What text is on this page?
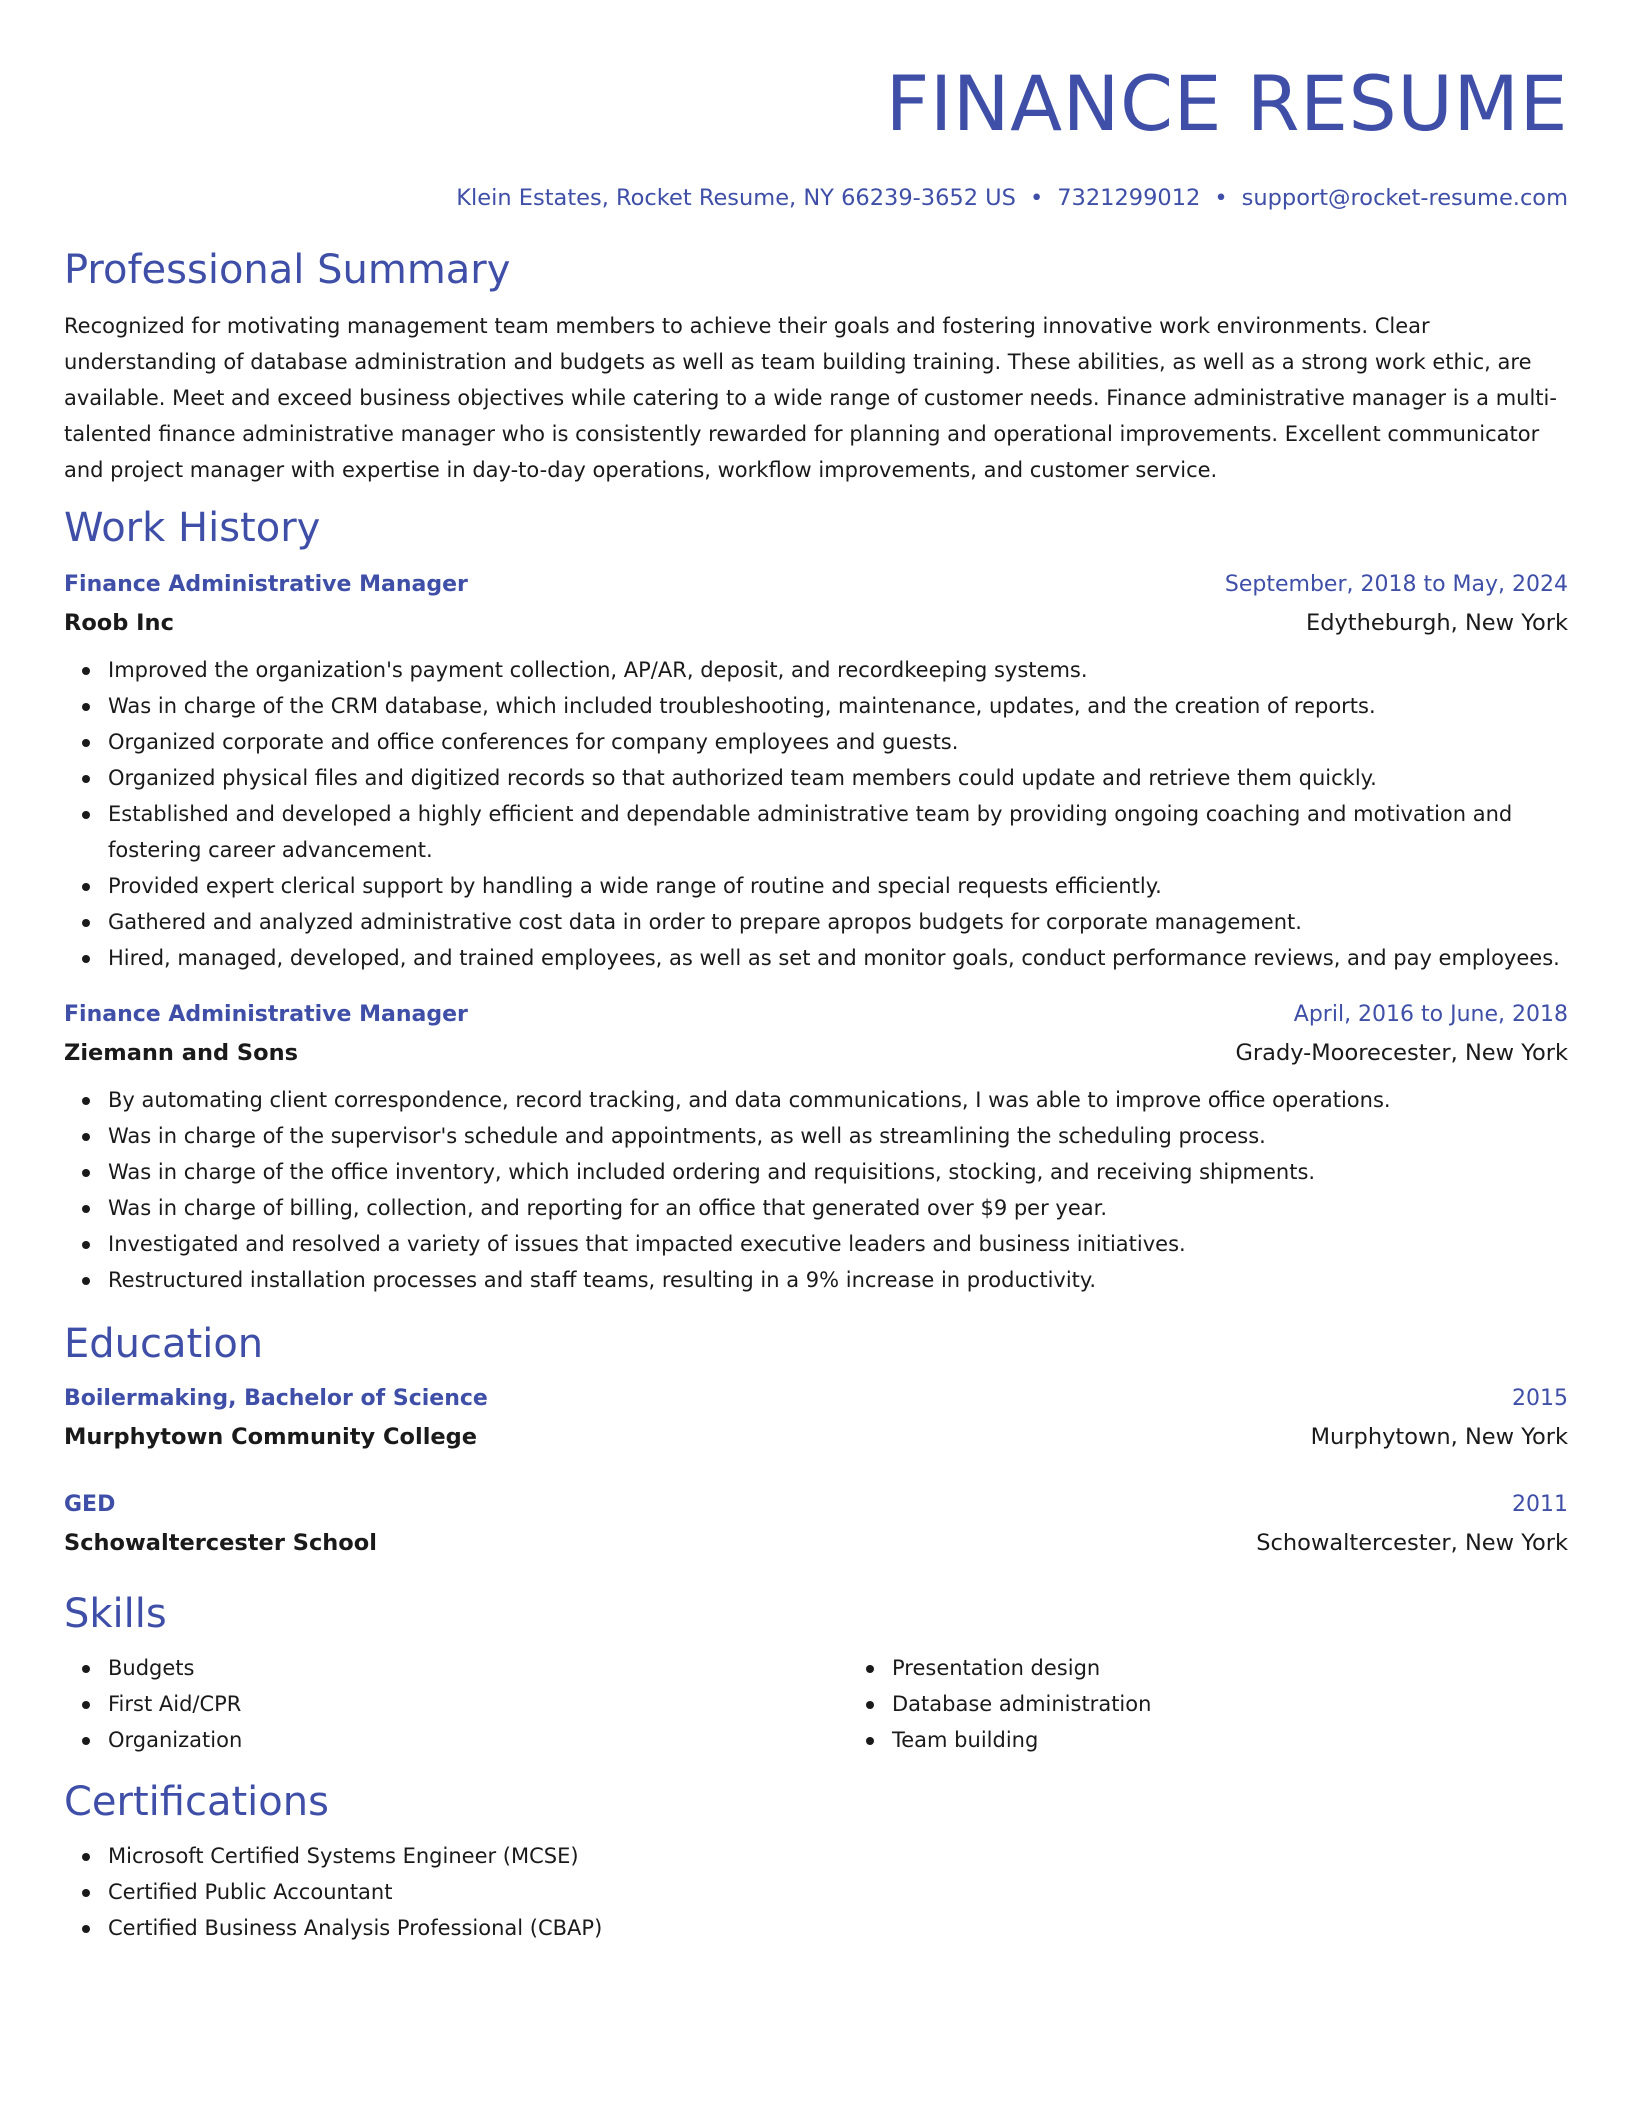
FINANCE RESUME
Klein Estates, Rocket Resume, NY 66239-3652 US • 7321299012 • support@rocket-resume.com
Professional Summary
Recognized for motivating management team members to achieve their goals and fostering innovative work environments. Clear understanding of database administration and budgets as well as team building training. These abilities, as well as a strong work ethic, are available. Meet and exceed business objectives while catering to a wide range of customer needs. Finance administrative manager is a multi-talented finance administrative manager who is consistently rewarded for planning and operational improvements. Excellent communicator and project manager with expertise in day-to-day operations, workflow improvements, and customer service.
Work History
Finance Administrative Manager	September, 2018 to May, 2024
Roob Inc	Edytheburgh, New York
Improved the organization's payment collection, AP/AR, deposit, and recordkeeping systems.
Was in charge of the CRM database, which included troubleshooting, maintenance, updates, and the creation of reports.
Organized corporate and office conferences for company employees and guests.
Organized physical files and digitized records so that authorized team members could update and retrieve them quickly.
Established and developed a highly efficient and dependable administrative team by providing ongoing coaching and motivation and fostering career advancement.
Provided expert clerical support by handling a wide range of routine and special requests efficiently.
Gathered and analyzed administrative cost data in order to prepare apropos budgets for corporate management.
Hired, managed, developed, and trained employees, as well as set and monitor goals, conduct performance reviews, and pay employees.
Finance Administrative Manager	April, 2016 to June, 2018
Ziemann and Sons	Grady-Moorecester, New York
By automating client correspondence, record tracking, and data communications, I was able to improve office operations.
Was in charge of the supervisor's schedule and appointments, as well as streamlining the scheduling process.
Was in charge of the office inventory, which included ordering and requisitions, stocking, and receiving shipments.
Was in charge of billing, collection, and reporting for an office that generated over $9 per year.
Investigated and resolved a variety of issues that impacted executive leaders and business initiatives.
Restructured installation processes and staff teams, resulting in a 9% increase in productivity.
Education
Boilermaking, Bachelor of Science	2015
Murphytown Community College	Murphytown, New York
GED	2011
Schowaltercester School	Schowaltercester, New York
Skills
Budgets
First Aid/CPR
Organization
Presentation design
Database administration
Team building
Certifications
Microsoft Certified Systems Engineer (MCSE)
Certified Public Accountant
Certified Business Analysis Professional (CBAP)
